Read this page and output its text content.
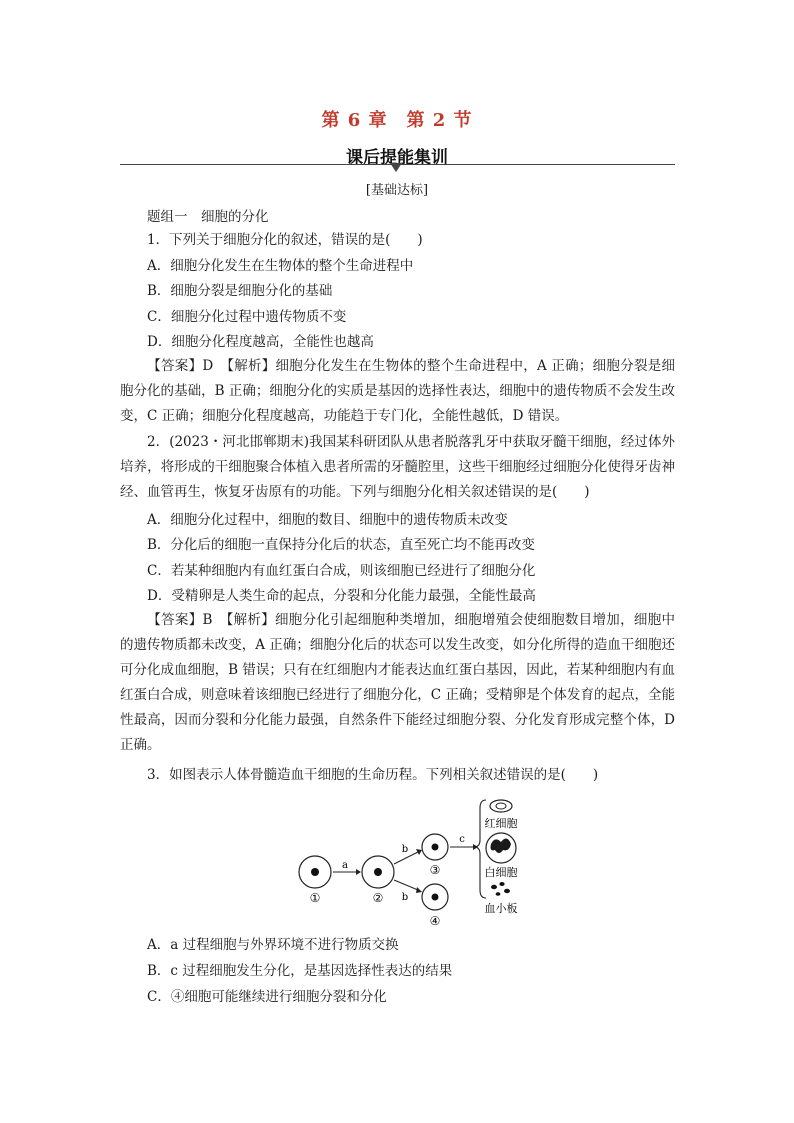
第 6 章　第 2 节
课后提能集训
[基础达标]
题组一　细胞的分化
1．下列关于细胞分化的叙述，错误的是(　　)
A．细胞分化发生在生物体的整个生命进程中
B．细胞分裂是细胞分化的基础
C．细胞分化过程中遗传物质不变
D．细胞分化程度越高，全能性也越高
【答案】D　【解析】细胞分化发生在生物体的整个生命进程中，A 正确；细胞分裂是细胞分化的基础，B 正确；细胞分化的实质是基因的选择性表达，细胞中的遗传物质不会发生改变，C 正确；细胞分化程度越高，功能趋于专门化，全能性越低，D 错误。
2．(2023・河北邯郸期末)我国某科研团队从患者脱落乳牙中获取牙髓干细胞，经过体外培养，将形成的干细胞聚合体植入患者所需的牙髓腔里，这些干细胞经过细胞分化使得牙齿神经、血管再生，恢复牙齿原有的功能。下列与细胞分化相关叙述错误的是(　　)
A．细胞分化过程中，细胞的数目、细胞中的遗传物质未改变
B．分化后的细胞一直保持分化后的状态，直至死亡均不能再改变
C．若某种细胞内有血红蛋白合成，则该细胞已经进行了细胞分化
D．受精卵是人类生命的起点，分裂和分化能力最强，全能性最高
【答案】B　【解析】细胞分化引起细胞种类增加，细胞增殖会使细胞数目增加，细胞中的遗传物质都未改变，A 正确；细胞分化后的状态可以发生改变，如分化所得的造血干细胞还可分化成血细胞，B 错误；只有在红细胞内才能表达血红蛋白基因，因此，若某种细胞内有血红蛋白合成，则意味着该细胞已经进行了细胞分化，C 正确；受精卵是个体发育的起点，全能性最高，因而分裂和分化能力最强，自然条件下能经过细胞分裂、分化发育形成完整个体，D 正确。
3．如图表示人体骨髓造血干细胞的生命历程。下列相关叙述错误的是(　　)
①
a
②
b
b
③
④
c
红细胞
白细胞
血小板
A．a 过程细胞与外界环境不进行物质交换
B．c 过程细胞发生分化，是基因选择性表达的结果
C．④细胞可能继续进行细胞分裂和分化
